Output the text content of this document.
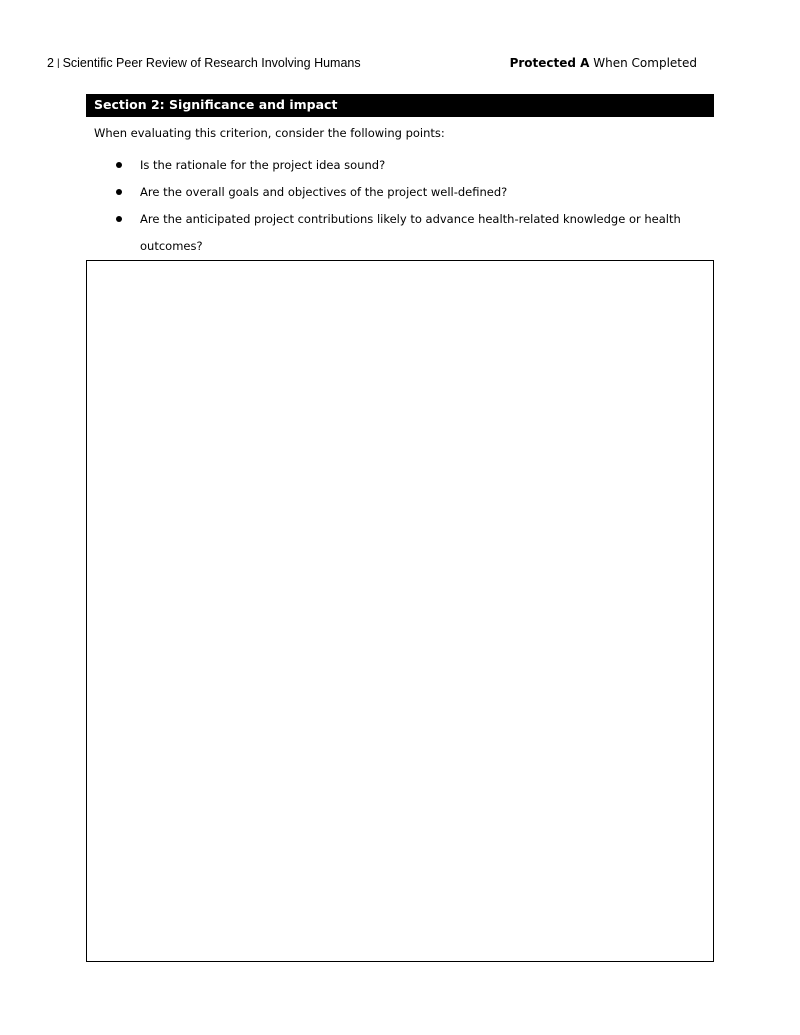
2 | Scientific Peer Review of Research Involving Humans	Protected A When Completed
Section 2: Significance and impact
When evaluating this criterion, consider the following points:
Is the rationale for the project idea sound?
Are the overall goals and objectives of the project well-defined?
Are the anticipated project contributions likely to advance health-related knowledge or health outcomes?
